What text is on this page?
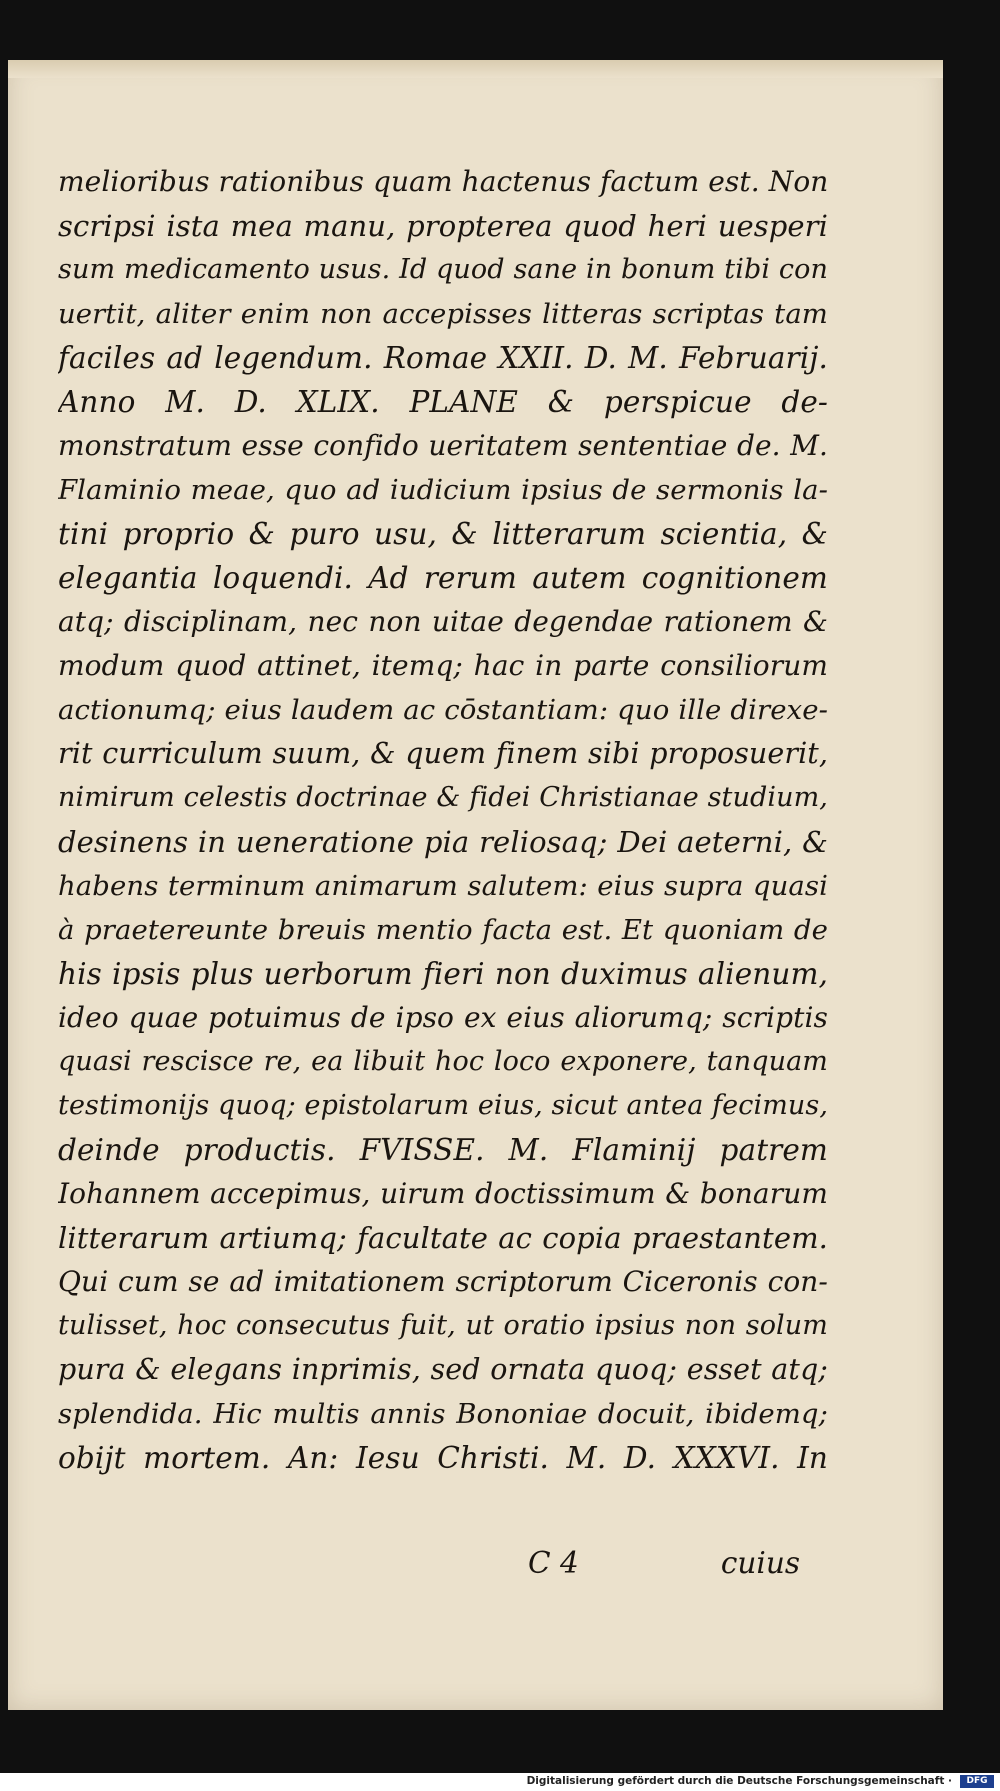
melioribus rationibus quam hactenus factum est. Non
scripsi ista mea manu, propterea quod heri uesperi
sum medicamento usus. Id quod sane in bonum tibi con
uertit, aliter enim non accepisses litteras scriptas tam
faciles ad legendum. Romae XXII. D. M. Februarij.
Anno M. D. XLIX. PLANE & perspicue de-
monstratum esse confido ueritatem sententiae de. M.
Flaminio meae, quo ad iudicium ipsius de sermonis la-
tini proprio & puro usu, & litterarum scientia, &
elegantia loquendi. Ad rerum autem cognitionem
atq; disciplinam, nec non uitae degendae rationem &
modum quod attinet, itemq; hac in parte consiliorum
actionumq; eius laudem ac cōstantiam: quo ille direxe-
rit curriculum suum, & quem finem sibi proposuerit,
nimirum celestis doctrinae & fidei Christianae studium,
desinens in ueneratione pia reliosaq; Dei aeterni, &
habens terminum animarum salutem: eius supra quasi
à praetereunte breuis mentio facta est. Et quoniam de
his ipsis plus uerborum fieri non duximus alienum,
ideo quae potuimus de ipso ex eius aliorumq; scriptis
quasi rescisce re, ea libuit hoc loco exponere, tanquam
testimonijs quoq; epistolarum eius, sicut antea fecimus,
deinde productis. FVISSE. M. Flaminij patrem
Iohannem accepimus, uirum doctissimum & bonarum
litterarum artiumq; facultate ac copia praestantem.
Qui cum se ad imitationem scriptorum Ciceronis con-
tulisset, hoc consecutus fuit, ut oratio ipsius non solum
pura & elegans inprimis, sed ornata quoq; esset atq;
splendida. Hic multis annis Bononiae docuit, ibidemq;
obijt mortem. An: Iesu Christi. M. D. XXXVI. In
C 4	cuius
Digitalisierung gefördert durch die Deutsche Forschungsgemeinschaft ·	DFG
